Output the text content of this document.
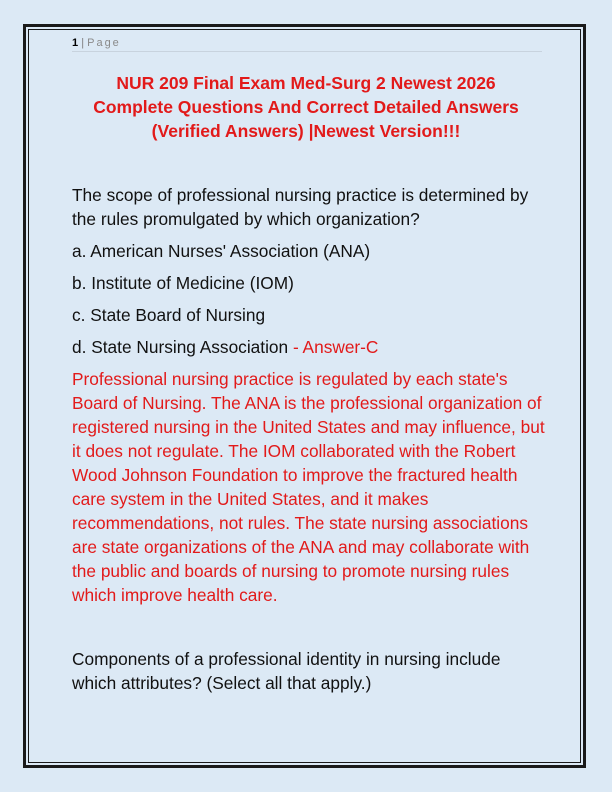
1 | Page
NUR 209 Final Exam Med-Surg 2 Newest 2026
Complete Questions And Correct Detailed Answers
(Verified Answers) |Newest Version!!!

The scope of professional nursing practice is determined by the rules promulgated by which organization?

a. American Nurses' Association (ANA)
b. Institute of Medicine (IOM)
c. State Board of Nursing
d. State Nursing Association - Answer-C

Professional nursing practice is regulated by each state's Board of Nursing. The ANA is the professional organization of registered nursing in the United States and may influence, but it does not regulate. The IOM collaborated with the Robert Wood Johnson Foundation to improve the fractured health care system in the United States, and it makes recommendations, not rules. The state nursing associations are state organizations of the ANA and may collaborate with the public and boards of nursing to promote nursing rules which improve health care.

Components of a professional identity in nursing include which attributes? (Select all that apply.)
